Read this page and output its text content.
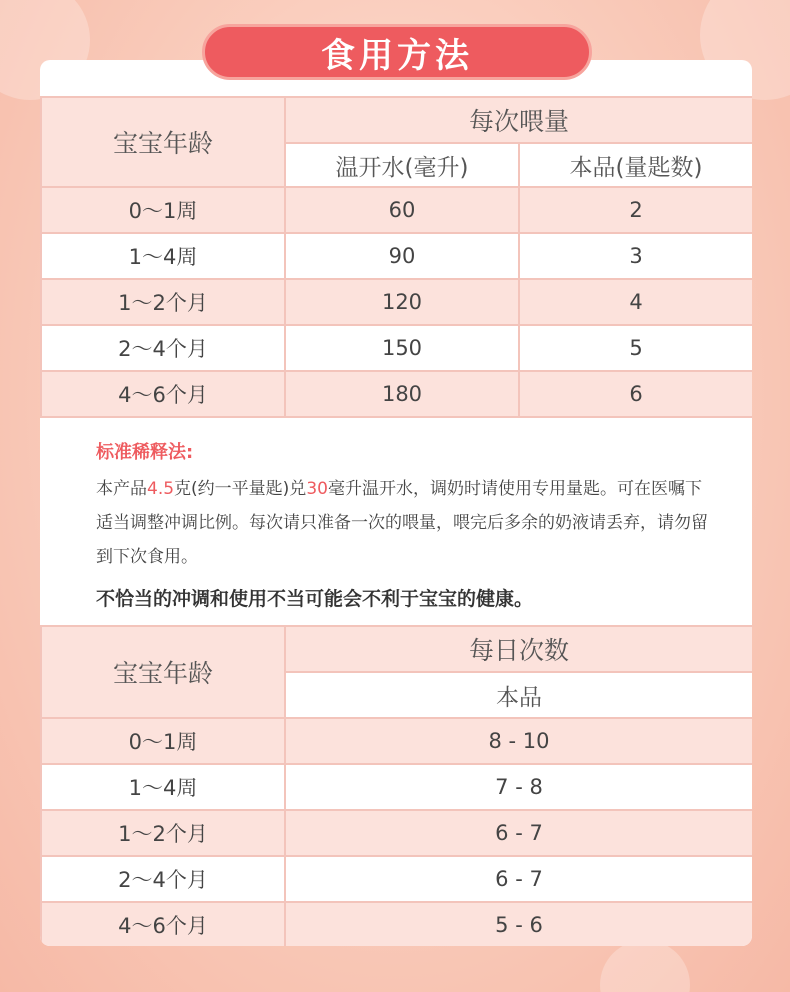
食用方法
宝宝年龄	每次喂量	
	温开水(毫升)	本品(量匙数)
0～1周	60	2
1～4周	90	3
1～2个月	120	4
2～4个月	150	5
4～6个月	180	6
标准稀释法:
本产品4.5克(约一平量匙)兑30毫升温开水，调奶时请使用专用量匙。可在医嘱下适当调整冲调比例。每次请只准备一次的喂量，喂完后多余的奶液请丢弃，请勿留到下次食用。
不恰当的冲调和使用不当可能会不利于宝宝的健康。
宝宝年龄	每日次数
	本品
0～1周	8 - 10
1～4周	7 - 8
1～2个月	6 - 7
2～4个月	6 - 7
4～6个月	5 - 6
